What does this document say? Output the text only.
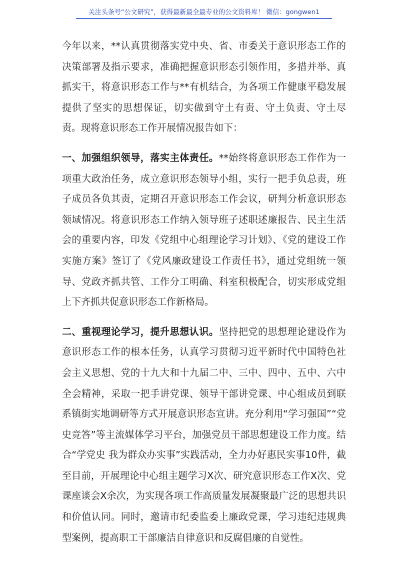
关注头条号“公文研究”，获得最新最全最专业的公文资料库！ 微信：gongwen1

今年以来，**认真贯彻落实党中央、省、市委关于意识形态工作的决策部署及指示要求，准确把握意识形态引领作用，多措并举、真抓实干，将意识形态工作与**有机结合，为各项工作健康平稳发展提供了坚实的思想保证，切实做到守土有责、守土负责、守土尽责。现将意识形态工作开展情况报告如下：

一、加强组织领导，落实主体责任。**始终将意识形态工作作为一项重大政治任务，成立意识形态领导小组，实行一把手负总责，班子成员各负其责，定期召开意识形态工作会议，研判分析意识形态领域情况。将意识形态工作纳入领导班子述职述廉报告、民主生活会的重要内容，印发《党组中心组理论学习计划》、《党的建设工作实施方案》签订了《党风廉政建设工作责任书》，通过党组统一领导、党政齐抓共管、工作分工明确、科室积极配合，切实形成党组上下齐抓共促意识形态工作新格局。

二、重视理论学习，提升思想认识。坚持把党的思想理论建设作为意识形态工作的根本任务，认真学习贯彻习近平新时代中国特色社会主义思想、党的十九大和十九届二中、三中、四中、五中、六中全会精神，采取一把手讲党课、领导干部讲党课、中心组成员到联系镇街实地调研等方式开展意识形态宣讲。充分利用“学习强国”“党史竞答”等主流媒体学习平台，加强党员干部思想建设工作力度。结合“学党史 我为群众办实事”实践活动，全力办好惠民实事10件，截至目前，开展理论中心组主题学习X次、研究意识形态工作X次、党课座谈会X余次，为实现各项工作高质量发展凝聚最广泛的思想共识和价值认同。同时，邀请市纪委监委上廉政党课，学习违纪违规典型案例，提高职工干部廉洁自律意识和反腐倡廉的自觉性。
